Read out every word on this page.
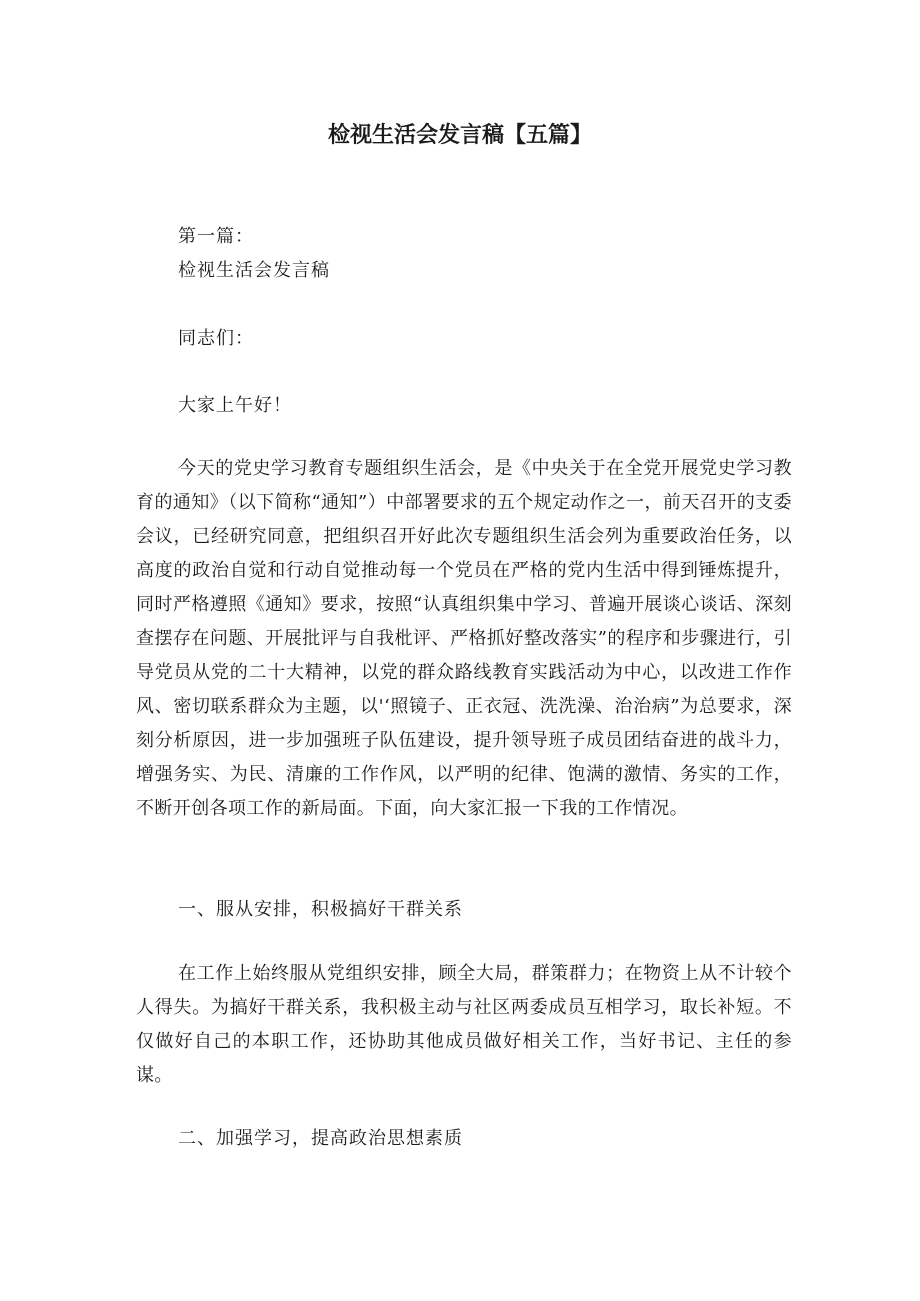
检视生活会发言稿【五篇】
第一篇：
检视生活会发言稿
同志们：
大家上午好！
今天的党史学习教育专题组织生活会，是《中央关于在全党开展党史学习教育的通知》（以下简称“通知”）中部署要求的五个规定动作之一，前天召开的支委会议，已经研究同意，把组织召开好此次专题组织生活会列为重要政治任务，以高度的政治自觉和行动自觉推动每一个党员在严格的党内生活中得到锤炼提升，同时严格遵照《通知》要求，按照“认真组织集中学习、普遍开展谈心谈话、深刻查摆存在问题、开展批评与自我枇评、严格抓好整改落实”的程序和步骤进行，引导党员从党的二十大精神，以党的群众路线教育实践活动为中心，以改进工作作风、密切联系群众为主题，以'‘照镜子、正衣冠、洗洗澡、治治病”为总要求，深刻分析原因，进一步加强班子队伍建设，提升领导班子成员团结奋进的战斗力，增强务实、为民、清廉的工作作风，以严明的纪律、饱满的激情、务实的工作，不断开创各项工作的新局面。下面，向大家汇报一下我的工作情况。
一、服从安排，积极搞好干群关系
在工作上始终服从党组织安排，顾全大局，群策群力；在物资上从不计较个人得失。为搞好干群关系，我积极主动与社区两委成员互相学习，取长补短。不仅做好自己的本职工作，还协助其他成员做好相关工作，当好书记、主任的参谋。
二、加强学习，提高政治思想素质
